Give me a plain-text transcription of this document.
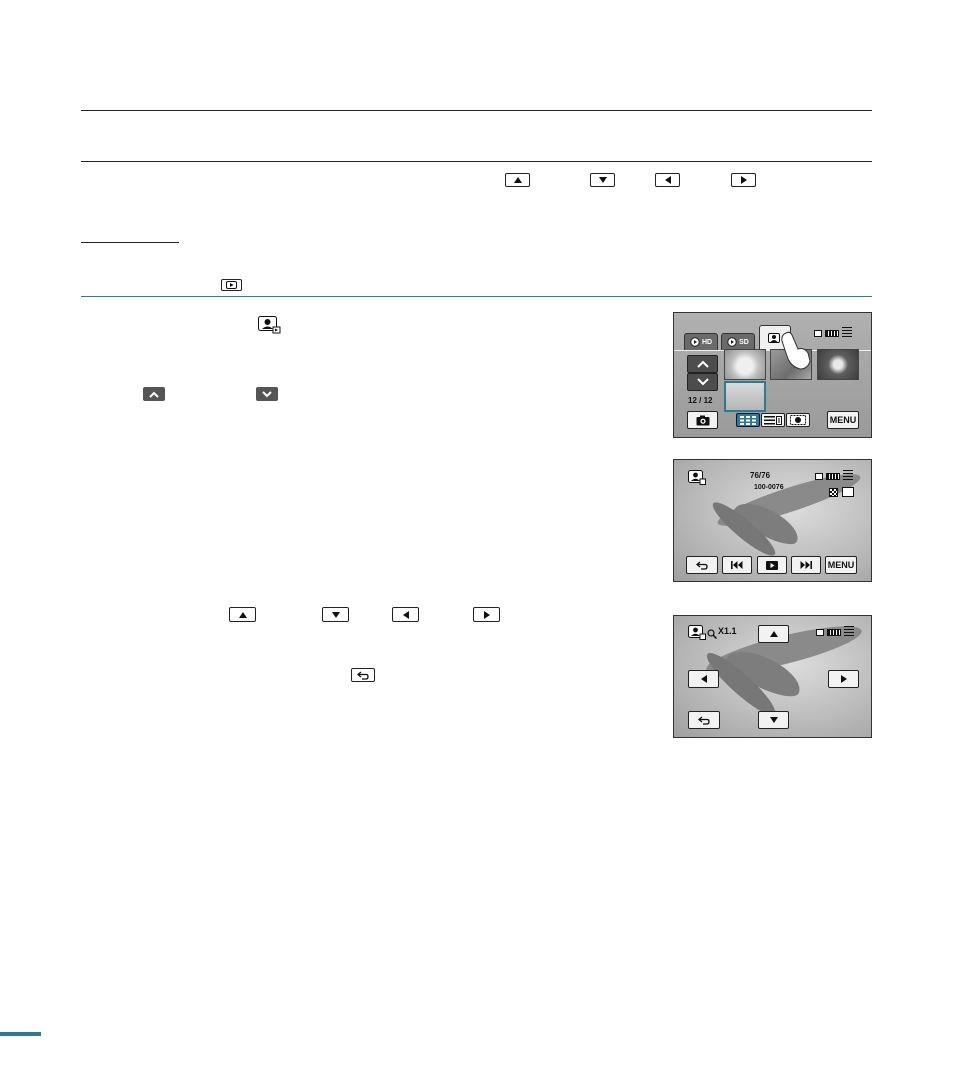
HD	SD
12 / 12
MENU
76/76
100-0076
MENU
X1.1
